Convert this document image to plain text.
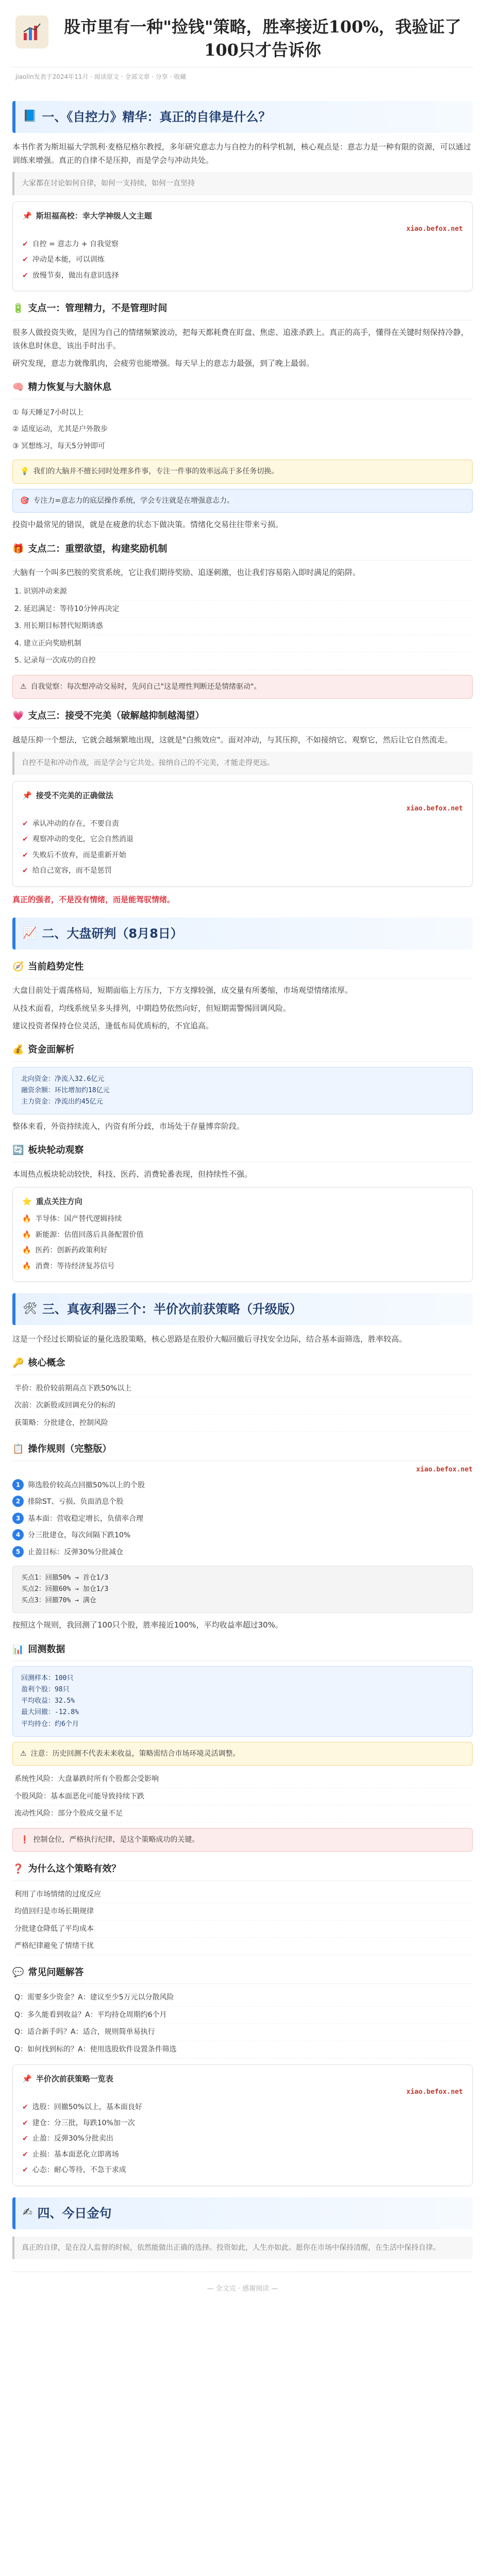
股市里有一种"捡钱"策略，胜率接近100%，我验证了100只才告诉你
jiaolin发表于2024年11月 · 阅读原文 · 全部文章 · 分享 · 收藏
📘 一、《自控力》精华：真正的自律是什么？

本书作者为斯坦福大学凯利·麦格尼格尔教授，多年研究意志力与自控力的科学机制，核心观点是：意志力是一种有限的资源，可以通过训练来增强。真正的自律不是压抑，而是学会与冲动共处。

大家都在讨论如何自律，如何一支持续，如何一直坚持
📌 斯坦福高校：幸大学神级人文主题
xiao.befox.net
✔ 自控 = 意志力 + 自我觉察
✔ 冲动是本能，可以训练
✔ 放慢节奏，做出有意识选择
🔋 支点一：管理精力，不是管理时间

很多人做投资失败，是因为自己的情绪频繁波动，把每天都耗费在盯盘、焦虑、追涨杀跌上。真正的高手，懂得在关键时刻保持冷静，该休息时休息，该出手时出手。

研究发现，意志力就像肌肉，会疲劳也能增强。每天早上的意志力最强，到了晚上最弱。

🧠 精力恢复与大脑休息
① 每天睡足7小时以上
② 适度运动，尤其是户外散步
③ 冥想练习，每天5分钟即可
💡 我们的大脑并不擅长同时处理多件事，专注一件事的效率远高于多任务切换。
🎯 专注力=意志力的底层操作系统，学会专注就是在增强意志力。

投资中最常见的错误，就是在疲惫的状态下做决策。情绪化交易往往带来亏损。

🎁 支点二：重塑欲望，构建奖励机制

大脑有一个叫多巴胺的奖赏系统，它让我们期待奖励、追逐刺激，也让我们容易陷入即时满足的陷阱。

1. 识别冲动来源
2. 延迟满足：等待10分钟再决定
3. 用长期目标替代短期诱惑
4. 建立正向奖励机制
5. 记录每一次成功的自控
⚠ 自我觉察：每次想冲动交易时，先问自己"这是理性判断还是情绪驱动"。
💗 支点三：接受不完美（破解越抑制越渴望）

越是压抑一个想法，它就会越频繁地出现，这就是"白熊效应"。面对冲动，与其压抑，不如接纳它、观察它，然后让它自然流走。

自控不是和冲动作战，而是学会与它共处。接纳自己的不完美，才能走得更远。
📌 接受不完美的正确做法
xiao.befox.net
✔ 承认冲动的存在，不要自责
✔ 观察冲动的变化，它会自然消退
✔ 失败后不放弃，而是重新开始
✔ 给自己宽容，而不是惩罚

真正的强者，不是没有情绪，而是能驾驭情绪。

📈 二、大盘研判（8月8日）
🧭 当前趋势定性

大盘目前处于震荡格局，短期面临上方压力，下方支撑较强，成交量有所萎缩，市场观望情绪浓厚。

从技术面看，均线系统呈多头排列，中期趋势依然向好，但短期需警惕回调风险。

建议投资者保持仓位灵活，逢低布局优质标的，不宜追高。

💰 资金面解析
北向资金：净流入32.6亿元
融资余额：环比增加约18亿元
主力资金：净流出约45亿元

整体来看，外资持续流入，内资有所分歧，市场处于存量博弈阶段。

🔄 板块轮动观察

本周热点板块轮动较快，科技、医药、消费轮番表现，但持续性不强。

⭐ 重点关注方向
🔥 半导体：国产替代逻辑持续
🔥 新能源：估值回落后具备配置价值
🔥 医药：创新药政策利好
🔥 消费：等待经济复苏信号
🛠 三、真夜利器三个：半价次前获策略（升级版）

这是一个经过长期验证的量化选股策略，核心思路是在股价大幅回撤后寻找安全边际，结合基本面筛选，胜率较高。

🔑 核心概念
半价：股价较前期高点下跌50%以上
次前：次新股或回调充分的标的
获策略：分批建仓，控制风险
📋 操作规则（完整版）
xiao.befox.net
1	筛选股价较高点回撤50%以上的个股
2	排除ST、亏损、负面消息个股
3	基本面：营收稳定增长，负债率合理
4	分三批建仓，每次间隔下跌10%
5	止盈目标：反弹30%分批减仓
买点1：回撤50% → 首仓1/3
买点2：回撤60% → 加仓1/3
买点3：回撤70% → 满仓

按照这个规则，我回测了100只个股，胜率接近100%，平均收益率超过30%。

📊 回测数据
回测样本：100只
盈利个股：98只
平均收益：32.5%
最大回撤：-12.8%
平均持仓：约6个月
⚠ 注意：历史回测不代表未来收益，策略需结合市场环境灵活调整。
系统性风险：大盘暴跌时所有个股都会受影响
个股风险：基本面恶化可能导致持续下跌
流动性风险：部分个股成交量不足
❗ 控制仓位，严格执行纪律，是这个策略成功的关键。
❓ 为什么这个策略有效？
利用了市场情绪的过度反应
均值回归是市场长期规律
分批建仓降低了平均成本
严格纪律避免了情绪干扰
💬 常见问题解答
Q：需要多少资金？A：建议至少5万元以分散风险
Q：多久能看到收益？A：平均持仓周期约6个月
Q：适合新手吗？A：适合，规则简单易执行
Q：如何找到标的？A：使用选股软件设置条件筛选
📌 半价次前获策略一览表
xiao.befox.net
✔ 选股：回撤50%以上，基本面良好
✔ 建仓：分三批，每跌10%加一次
✔ 止盈：反弹30%分批卖出
✔ 止损：基本面恶化立即离场
✔ 心态：耐心等待，不急于求成
✍ 四、今日金句
真正的自律，是在没人监督的时候，依然能做出正确的选择。投资如此，人生亦如此。愿你在市场中保持清醒，在生活中保持自律。
— 全文完 · 感谢阅读 —
